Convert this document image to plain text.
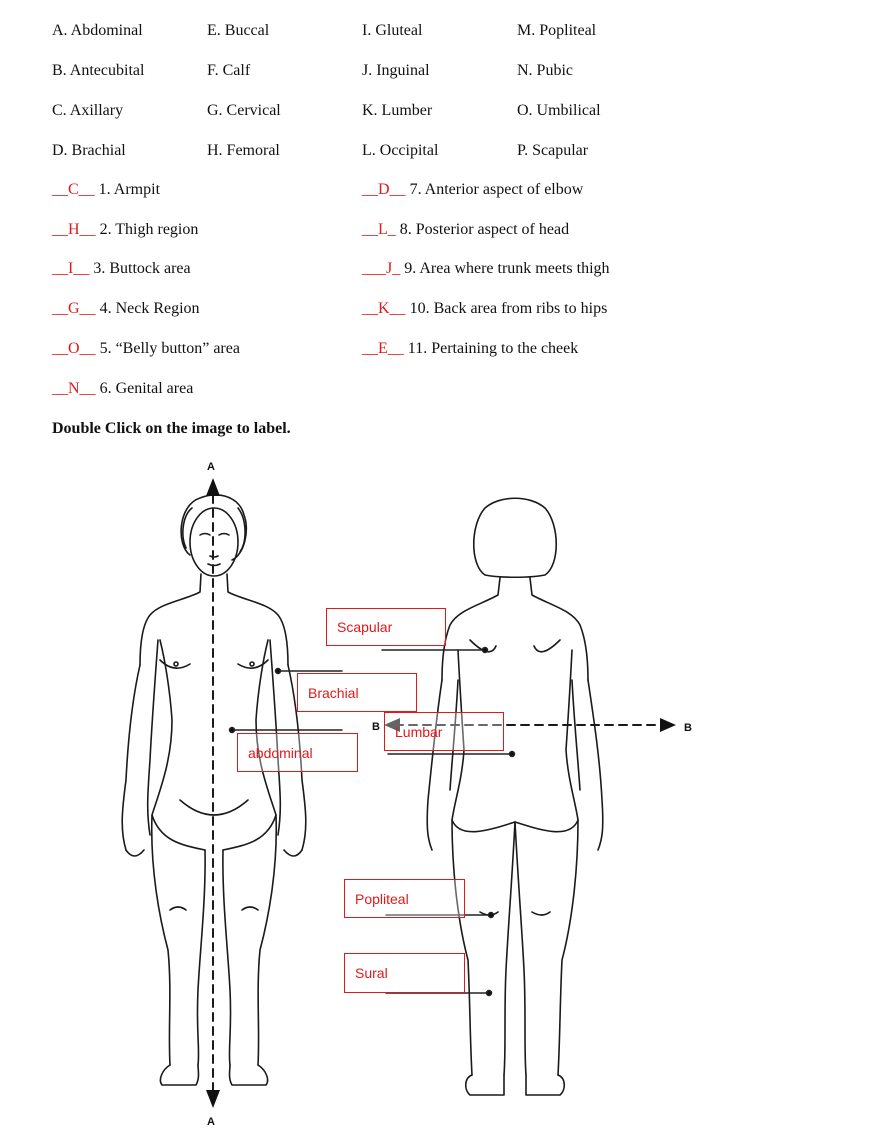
A. Abdominal
B. Antecubital
C. Axillary
D. Brachial
E. Buccal
F. Calf
G. Cervical
H. Femoral
I. Gluteal
J. Inguinal
K. Lumber
L. Occipital
M. Popliteal
N. Pubic
O. Umbilical
P. Scapular
__C__ 1. Armpit
__H__ 2. Thigh region
__I__ 3. Buttock area
__G__ 4. Neck Region
__O__ 5. “Belly button” area
__N__ 6. Genital area
__D__ 7. Anterior aspect of elbow
__L_ 8. Posterior aspect of head
___J_ 9. Area where trunk meets thigh
__K__ 10. Back area from ribs to hips
__E__ 11. Pertaining to the cheek
Double Click on the image to label.
A
A
B	B
Scapular
Brachial
abdominal
Lumbar
Popliteal
Sural
